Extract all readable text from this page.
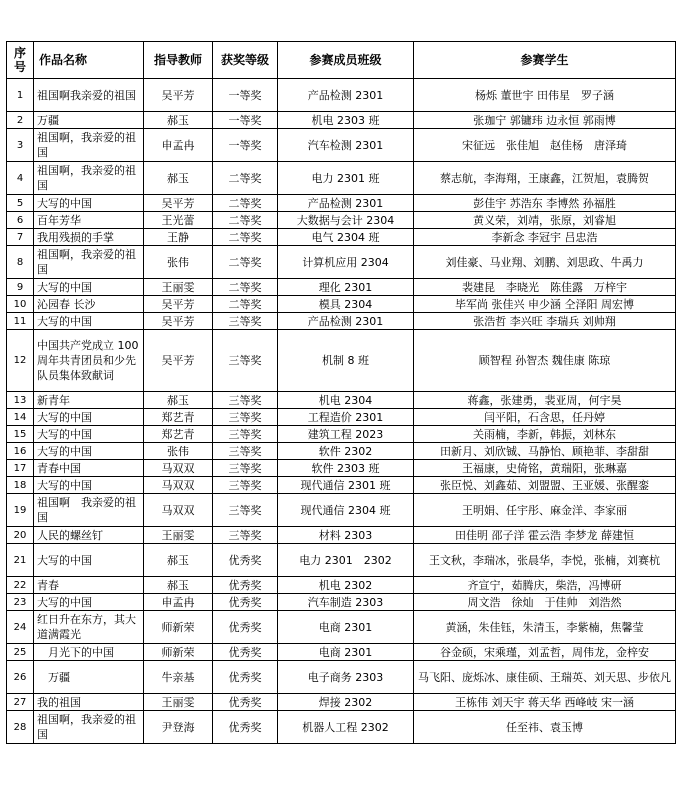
序号	作品名称	指导教师	获奖等级	参赛成员班级	参赛学生
1	祖国啊我亲爱的祖国	吴平芳	一等奖	产品检测 2301	杨烁 董世宇 田伟星　罗子涵
2	万疆	郝玉	一等奖	机电 2303 班	张珈宁 郭镛玮 边永恒 郭雨博
3	祖国啊，我亲爱的祖国	申孟冉	一等奖	汽车检测 2301	宋征远　张佳旭　赵佳杨　唐泽琦
4	祖国啊，我亲爱的祖国	郝玉	二等奖	电力 2301 班	蔡志航，李海翔，王康鑫，江贺旭，袁腾贺
5	大写的中国	吴平芳	二等奖	产品检测 2301	彭佳宇 苏浩东 李博然 孙福胜
6	百年芳华	王光蕾	二等奖	大数据与会计 2304	黄义荣，刘靖，张原，刘睿旭
7	我用残损的手掌	王静	二等奖	电气 2304 班	李新念 李冠宇 吕忠浩
8	祖国啊，我亲爱的祖国	张伟	二等奖	计算机应用 2304	刘佳豪、马业翔、刘鹏、刘思政、牛禹力
9	大写的中国	王丽雯	二等奖	理化 2301	裴建昆　李晓光　陈佳露　万梓宇
10	沁园春 长沙	吴平芳	二等奖	模具 2304	毕军尚 张佳兴 申少涵 仝泽阳 周宏博
11	大写的中国	吴平芳	三等奖	产品检测 2301	张浩哲 李兴旺 李瑞兵 刘帅翔
12	中国共产党成立 100 周年共青团员和少先队员集体致献词	吴平芳	三等奖	机制 8 班	顾智程 孙智杰 魏佳康 陈琼
13	新青年	郝玉	三等奖	机电 2304	蒋鑫，张建勇，裴亚周，何宇昊
14	大写的中国	郑艺青	三等奖	工程造价 2301	闫平阳，石含思，任丹婷
15	大写的中国	郑艺青	三等奖	建筑工程 2023	关雨楠，李新，韩振，刘林东
16	大写的中国	张伟	三等奖	软件 2302	田新月、刘欣铖、马静怡、顾艳菲、李甜甜
17	青春中国	马双双	三等奖	软件 2303 班	王福康，史倚铭，黄瑞阳，张琳嘉
18	大写的中国	马双双	三等奖	现代通信 2301 班	张臣悦、刘鑫茹、刘盟盟、王亚媛、张醒銮
19	祖国啊　我亲爱的祖国	马双双	三等奖	现代通信 2304 班	王明娟、任宇彤、麻金洋、李家丽
20	人民的螺丝钉	王丽雯	三等奖	材料 2303	田佳明 邵子洋 霍云浩 李梦龙 薛建恒
21	大写的中国	郝玉	优秀奖	电力 2301　2302	王文秋，李瑞冰，张晨华，李悦，张楠，刘赛杭
22	青春	郝玉	优秀奖	机电 2302	齐宣宁，茹腾庆，柴浩，冯博研
23	大写的中国	申孟冉	优秀奖	汽车制造 2303	周文浩　徐灿　于佳帅　刘浩然
24	红日升在东方，其大道满霞光	师新荣	优秀奖	电商 2301	黄涵，朱佳钰，朱清玉，李紫楠，焦馨莹
25	　月光下的中国	师新荣	优秀奖	电商 2301	谷金硕，宋乘瑾，刘孟哲，周伟龙，金梓安
26	　万疆	牛亲基	优秀奖	电子商务 2303	马飞阳、庞烁冰、康佳硕、王瑞英、刘天思、步依凡
27	我的祖国	王丽雯	优秀奖	焊接 2302	王栋伟 刘天宇 蒋天华 西峰岐 宋一涵
28	祖国啊，我亲爱的祖国	尹登海	优秀奖	机器人工程 2302	任至祎、袁玉博
